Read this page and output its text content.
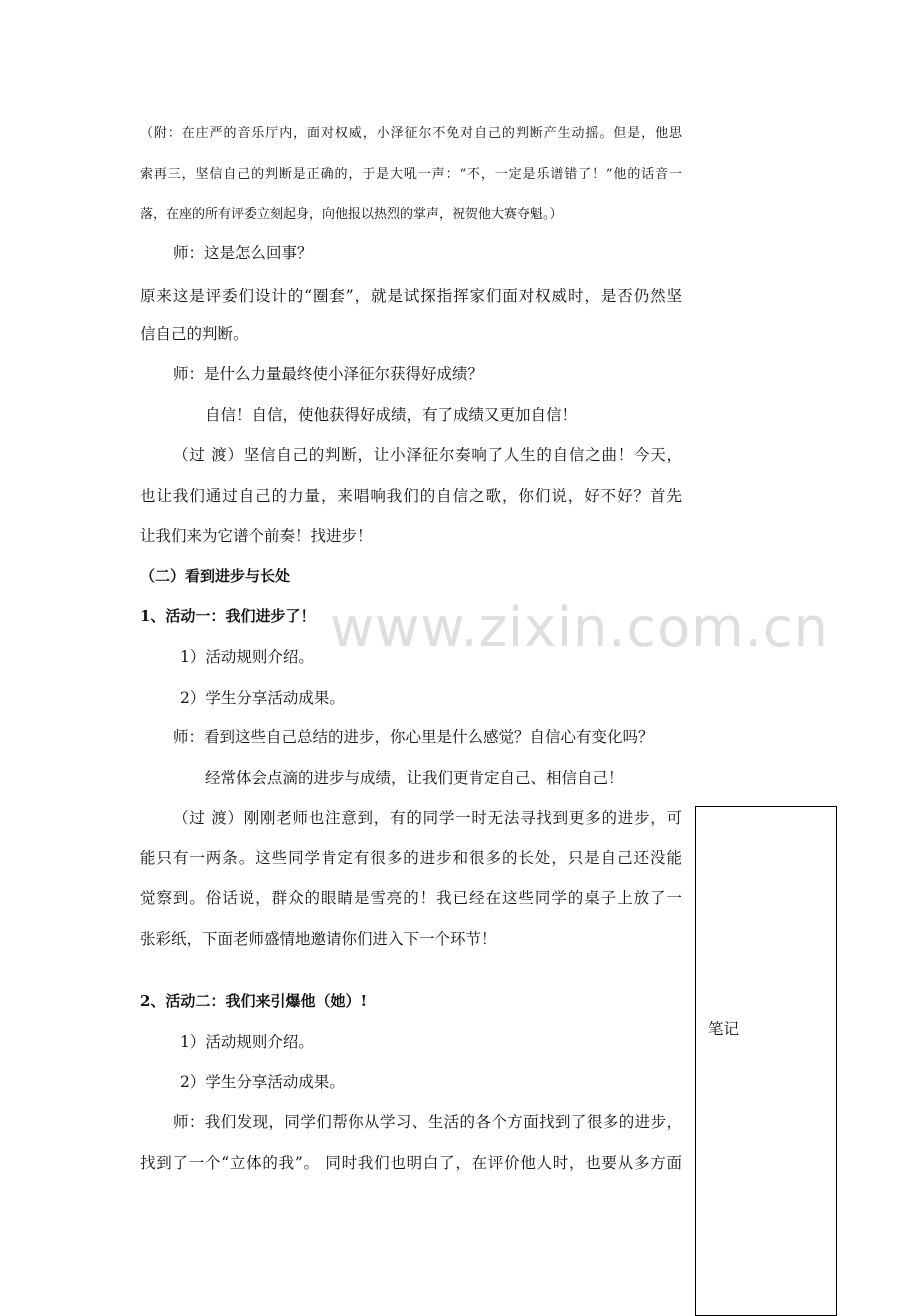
www.zixin.com.cn

（附：在庄严的音乐厅内，面对权威，小泽征尔不免对自己的判断产生动摇。但是，他思

索再三，坚信自己的判断是正确的，于是大吼一声：“不，一定是乐谱错了！”他的话音一

落，在座的所有评委立刻起身，向他报以热烈的掌声，祝贺他大赛夺魁。）

师：这是怎么回事？

原来这是评委们设计的“圈套”，就是试探指挥家们面对权威时，是否仍然坚

信自己的判断。

师：是什么力量最终使小泽征尔获得好成绩？

自信！自信，使他获得好成绩，有了成绩又更加自信！

（过 渡）坚信自己的判断，让小泽征尔奏响了人生的自信之曲！今天，

也让我们通过自己的力量，来唱响我们的自信之歌，你们说，好不好？首先

让我们来为它谱个前奏！找进步！

（二）看到进步与长处

1、活动一：我们进步了！

1）活动规则介绍。

2）学生分享活动成果。

师：看到这些自己总结的进步，你心里是什么感觉？自信心有变化吗？

经常体会点滴的进步与成绩，让我们更肯定自己、相信自己！

（过 渡）刚刚老师也注意到，有的同学一时无法寻找到更多的进步，可

能只有一两条。这些同学肯定有很多的进步和很多的长处，只是自己还没能

觉察到。俗话说，群众的眼睛是雪亮的！我已经在这些同学的桌子上放了一

张彩纸，下面老师盛情地邀请你们进入下一个环节！

2、活动二：我们来引爆他（她）!

1）活动规则介绍。

2）学生分享活动成果。

师：我们发现，同学们帮你从学习、生活的各个方面找到了很多的进步，

找到了一个“立体的我”。 同时我们也明白了，在评价他人时，也要从多方面

笔记
